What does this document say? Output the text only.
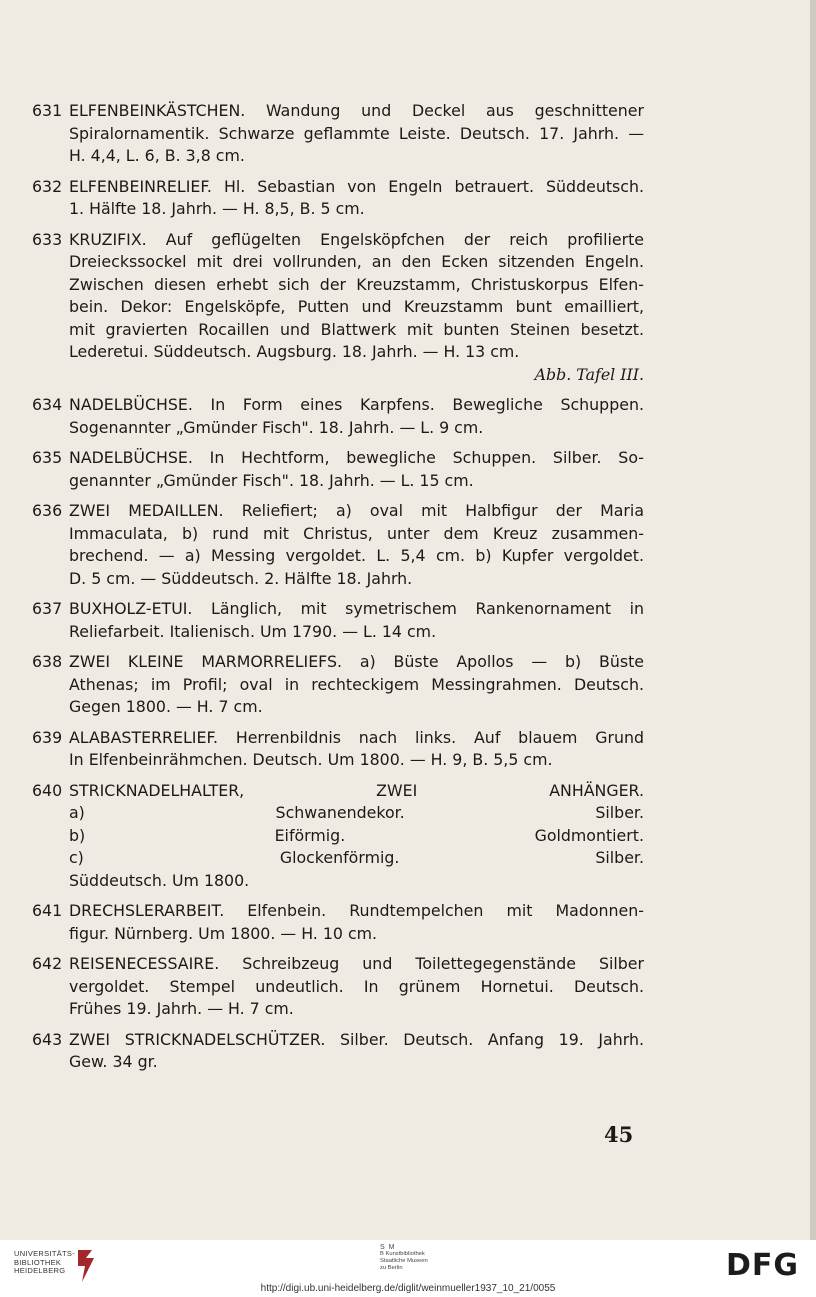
631 ELFENBEINKÄSTCHEN. Wandung und Deckel aus geschnittener
Spiralornamentik. Schwarze geflammte Leiste. Deutsch. 17. Jahrh. —
H. 4,4, L. 6, B. 3,8 cm.
632 ELFENBEINRELIEF. Hl. Sebastian von Engeln betrauert. Süddeutsch.
1. Hälfte 18. Jahrh. — H. 8,5, B. 5 cm.
633 KRUZIFIX. Auf geflügelten Engelsköpfchen der reich profilierte
Dreieckssockel mit drei vollrunden, an den Ecken sitzenden Engeln.
Zwischen diesen erhebt sich der Kreuzstamm, Christuskorpus Elfen-
bein. Dekor: Engelsköpfe, Putten und Kreuzstamm bunt emailliert,
mit gravierten Rocaillen und Blattwerk mit bunten Steinen besetzt.
Lederetui. Süddeutsch. Augsburg. 18. Jahrh. — H. 13 cm.
Abb. Tafel III.
634 NADELBÜCHSE. In Form eines Karpfens. Bewegliche Schuppen.
Sogenannter „Gmünder Fisch". 18. Jahrh. — L. 9 cm.
635 NADELBÜCHSE. In Hechtform, bewegliche Schuppen. Silber. So-
genannter „Gmünder Fisch". 18. Jahrh. — L. 15 cm.
636 ZWEI MEDAILLEN. Reliefiert; a) oval mit Halbfigur der Maria
Immaculata, b) rund mit Christus, unter dem Kreuz zusammen-
brechend. — a) Messing vergoldet. L. 5,4 cm. b) Kupfer vergoldet.
D. 5 cm. — Süddeutsch. 2. Hälfte 18. Jahrh.
637 BUXHOLZ-ETUI. Länglich, mit symetrischem Rankenornament in
Reliefarbeit. Italienisch. Um 1790. — L. 14 cm.
638 ZWEI KLEINE MARMORRELIEFS. a) Büste Apollos — b) Büste
Athenas; im Profil; oval in rechteckigem Messingrahmen. Deutsch.
Gegen 1800. — H. 7 cm.
639 ALABASTERRELIEF. Herrenbildnis nach links. Auf blauem Grund
In Elfenbeinrähmchen. Deutsch. Um 1800. — H. 9, B. 5,5 cm.
640 STRICKNADELHALTER, ZWEI ANHÄNGER.
a) Schwanendekor. Silber.
b) Eiförmig. Goldmontiert.
c) Glockenförmig. Silber.
Süddeutsch. Um 1800.
641 DRECHSLERARBEIT. Elfenbein. Rundtempelchen mit Madonnen-
figur. Nürnberg. Um 1800. — H. 10 cm.
642 REISENECESSAIRE. Schreibzeug und Toilettegegenstände Silber
vergoldet. Stempel undeutlich. In grünem Hornetui. Deutsch.
Frühes 19. Jahrh. — H. 7 cm.
643 ZWEI STRICKNADELSCHÜTZER. Silber. Deutsch. Anfang 19. Jahrh.
Gew. 34 gr.
45
UNIVERSITÄTS-
BIBLIOTHEK
HEIDELBERG
S M
B Kunstbibliothek
Staatliche Museen
zu Berlin	DFG
http://digi.ub.uni-heidelberg.de/diglit/weinmueller1937_10_21/0055
